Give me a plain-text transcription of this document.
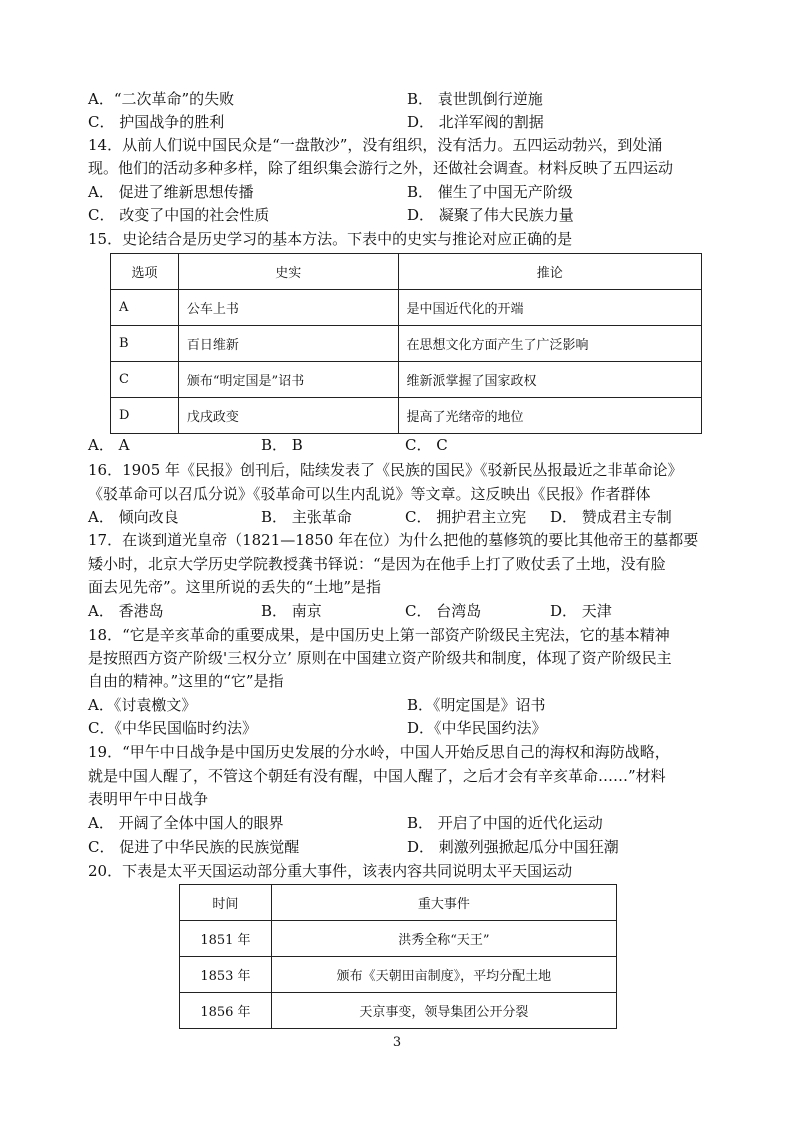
A．“二次革命”的失败	B． 袁世凯倒行逆施
C． 护国战争的胜利	D． 北洋军阀的割据
14．从前人们说中国民众是“一盘散沙”，没有组织，没有活力。五四运动勃兴，到处涌
现。他们的活动多种多样，除了组织集会游行之外，还做社会调查。材料反映了五四运动
A． 促进了维新思想传播	B． 催生了中国无产阶级
C． 改变了中国的社会性质	D． 凝聚了伟大民族力量
15．史论结合是历史学习的基本方法。下表中的史实与推论对应正确的是
选项	史实	推论
A	公车上书	是中国近代化的开端
B	百日维新	在思想文化方面产生了广泛影响
C	颁布“明定国是”诏书	维新派掌握了国家政权
D	戊戌政变	提高了光绪帝的地位
A． A	B． B	C． C
16．1905 年《民报》创刊后，陆续发表了《民族的国民》《驳新民丛报最近之非革命论》
《驳革命可以召瓜分说》《驳革命可以生内乱说》等文章。这反映出《民报》作者群体
A． 倾向改良	B． 主张革命	C． 拥护君主立宪 D． 赞成君主专制
17．在谈到道光皇帝（1821—1850 年在位）为什么把他的墓修筑的要比其他帝王的墓都要
矮小时，北京大学历史学院教授龚书铎说：“是因为在他手上打了败仗丢了土地，没有脸
面去见先帝”。这里所说的丢失的“土地”是指
A． 香港岛	B． 南京	C． 台湾岛	D． 天津
18．“它是辛亥革命的重要成果，是中国历史上第一部资产阶级民主宪法，它的基本精神
是按照西方资产阶级'三权分立’ 原则在中国建立资产阶级共和制度，体现了资产阶级民主
自由的精神。”这里的“它”是指
A．《讨袁檄文》	B．《明定国是》诏书
C．《中华民国临时约法》	D．《中华民国约法》
19．“甲午中日战争是中国历史发展的分水岭，中国人开始反思自己的海权和海防战略，
就是中国人醒了，不管这个朝廷有没有醒，中国人醒了，之后才会有辛亥革命……”材料
表明甲午中日战争
A． 开阔了全体中国人的眼界	B． 开启了中国的近代化运动
C． 促进了中华民族的民族觉醒	D． 刺激列强掀起瓜分中国狂潮
20．下表是太平天国运动部分重大事件，该表内容共同说明太平天国运动
时间	重大事件
1851 年	洪秀全称“天王”
1853 年	颁布《天朝田亩制度》，平均分配土地
1856 年	天京事变，领导集团公开分裂
3
